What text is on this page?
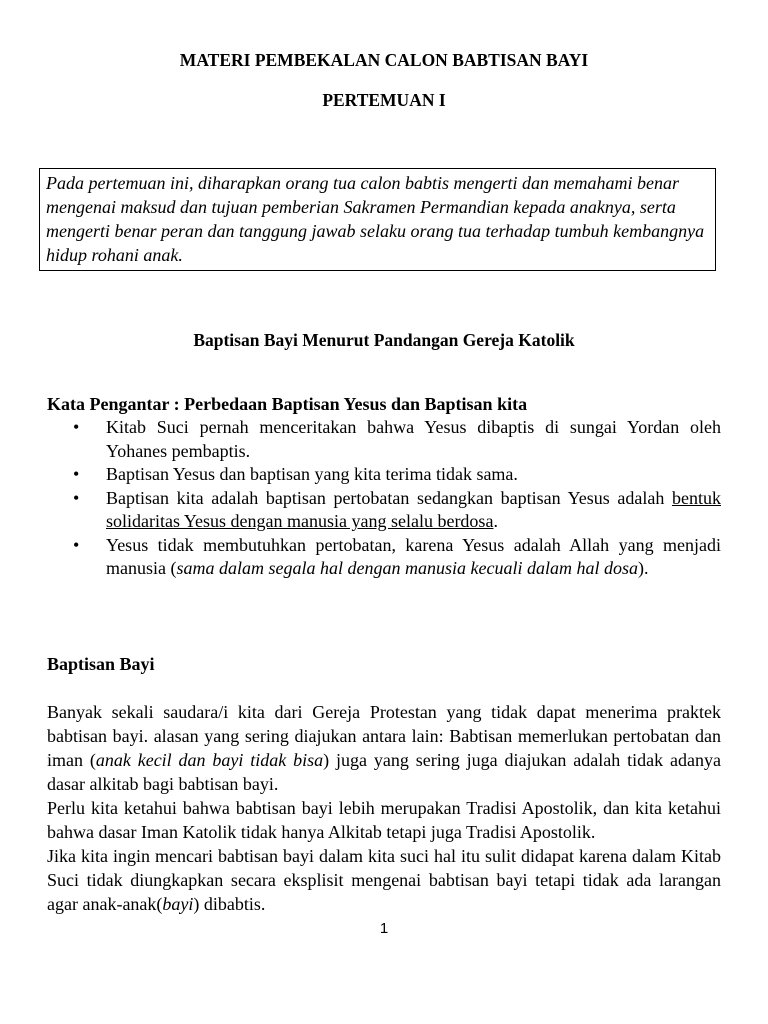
MATERI PEMBEKALAN CALON BABTISAN BAYI
PERTEMUAN I
Pada pertemuan ini, diharapkan orang tua calon babtis mengerti dan memahami benar mengenai maksud dan tujuan pemberian Sakramen Permandian kepada anaknya, serta mengerti benar peran dan tanggung jawab selaku orang tua terhadap tumbuh kembangnya hidup rohani anak.
Baptisan Bayi Menurut Pandangan Gereja Katolik
Kata Pengantar : Perbedaan Baptisan Yesus dan Baptisan kita
• Kitab Suci pernah menceritakan bahwa Yesus dibaptis di sungai Yordan oleh Yohanes pembaptis.
• Baptisan Yesus dan baptisan yang kita terima tidak sama.
• Baptisan kita adalah baptisan pertobatan sedangkan baptisan Yesus adalah bentuk solidaritas Yesus dengan manusia yang selalu berdosa.
• Yesus tidak membutuhkan pertobatan, karena Yesus adalah Allah yang menjadi manusia (sama dalam segala hal dengan manusia kecuali dalam hal dosa).
Baptisan Bayi

Banyak sekali saudara/i kita dari Gereja Protestan yang tidak dapat menerima praktek babtisan bayi. alasan yang sering diajukan antara lain: Babtisan memerlukan pertobatan dan iman (anak kecil dan bayi tidak bisa) juga yang sering juga diajukan adalah tidak adanya dasar alkitab bagi babtisan bayi.

Perlu kita ketahui bahwa babtisan bayi lebih merupakan Tradisi Apostolik, dan kita ketahui bahwa dasar Iman Katolik tidak hanya Alkitab tetapi juga Tradisi Apostolik.

Jika kita ingin mencari babtisan bayi dalam kita suci hal itu sulit didapat karena dalam Kitab Suci tidak diungkapkan secara eksplisit mengenai babtisan bayi tetapi tidak ada larangan agar anak-anak(bayi) dibabtis.

1
